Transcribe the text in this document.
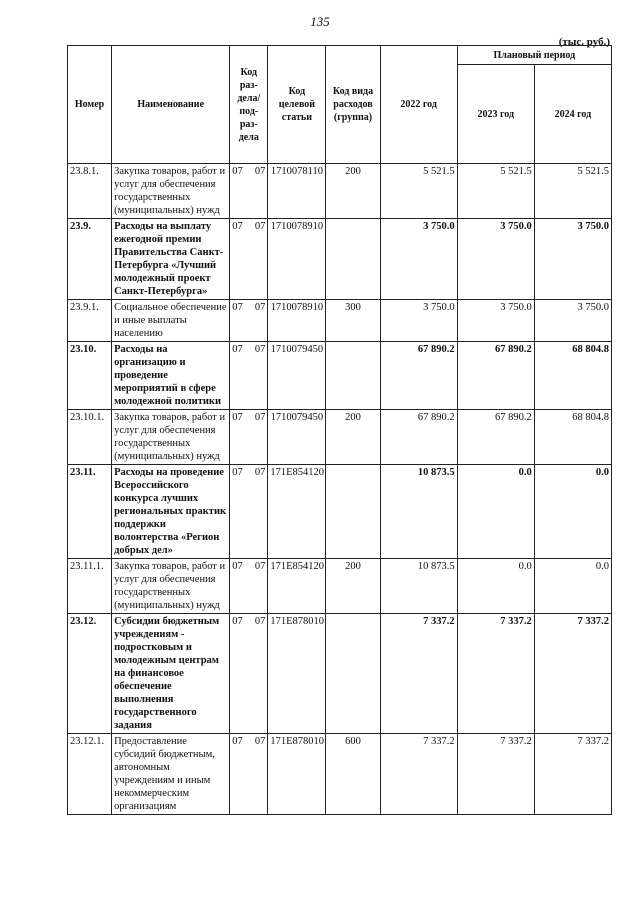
135
(тыс. руб.)
Номер	Наименование	Код раз-дела/ под-раз-дела	Код целевой статьи	Код вида расходов (группа)	2022 год	Плановый период	
						2023 год	2024 год
23.8.1.	Закупка товаров, работ и услуг для обеспечения государственных (муниципальных) нужд	07 07	1710078110	200	5 521.5	5 521.5	5 521.5
23.9.	Расходы на выплату ежегодной премии Правительства Санкт-Петербурга «Лучший молодежный проект Санкт-Петербурга»	07 07	1710078910		3 750.0	3 750.0	3 750.0
23.9.1.	Социальное обеспечение и иные выплаты населению	07 07	1710078910	300	3 750.0	3 750.0	3 750.0
23.10.	Расходы на организацию и проведение мероприятий в сфере молодежной политики	07 07	1710079450		67 890.2	67 890.2	68 804.8
23.10.1.	Закупка товаров, работ и услуг для обеспечения государственных (муниципальных) нужд	07 07	1710079450	200	67 890.2	67 890.2	68 804.8
23.11.	Расходы на проведение Всероссийского конкурса лучших региональных практик поддержки волонтерства «Регион добрых дел»	07 07	171E854120		10 873.5	0.0	0.0
23.11.1.	Закупка товаров, работ и услуг для обеспечения государственных (муниципальных) нужд	07 07	171E854120	200	10 873.5	0.0	0.0
23.12.	Субсидии бюджетным учреждениям - подростковым и молодежным центрам на финансовое обеспечение выполнения государственного задания	07 07	171E878010		7 337.2	7 337.2	7 337.2
23.12.1.	Предоставление субсидий бюджетным, автономным учреждениям и иным некоммерческим организациям	07 07	171E878010	600	7 337.2	7 337.2	7 337.2
